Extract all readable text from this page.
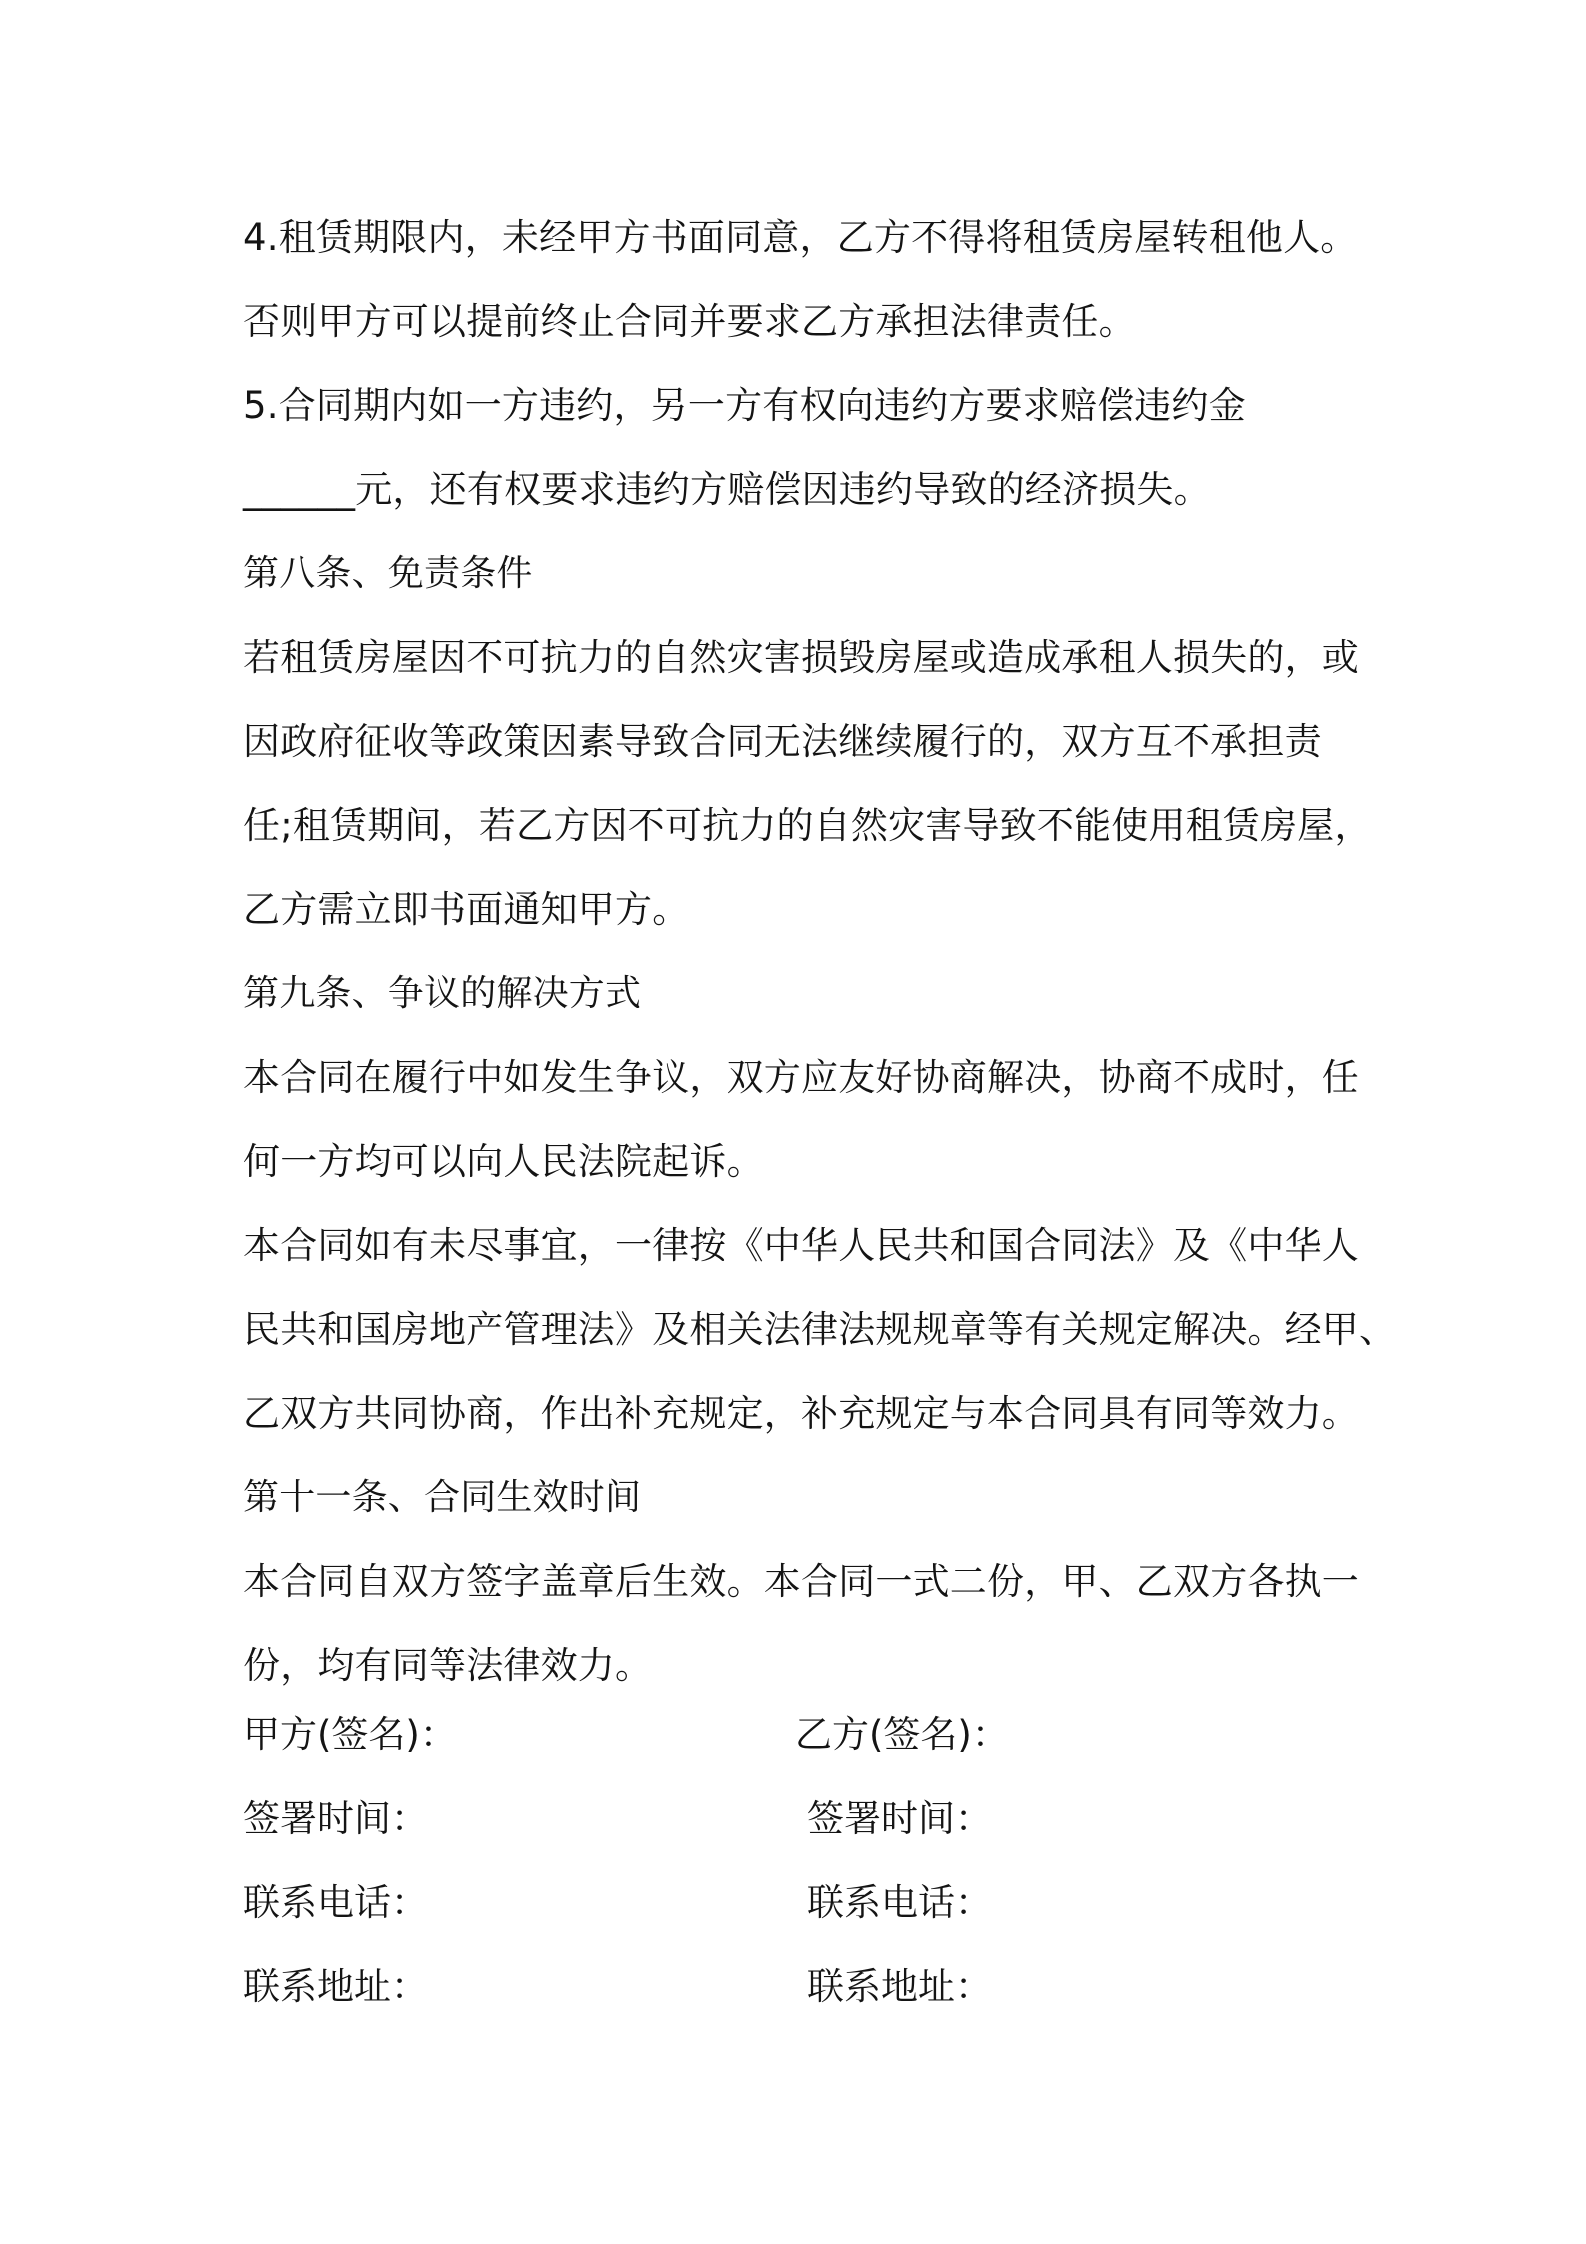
4.租赁期限内，未经甲方书面同意，乙方不得将租赁房屋转租他人。
否则甲方可以提前终止合同并要求乙方承担法律责任。
5.合同期内如一方违约，另一方有权向违约方要求赔偿违约金
______元，还有权要求违约方赔偿因违约导致的经济损失。
第八条、免责条件
若租赁房屋因不可抗力的自然灾害损毁房屋或造成承租人损失的，或
因政府征收等政策因素导致合同无法继续履行的，双方互不承担责
任;租赁期间，若乙方因不可抗力的自然灾害导致不能使用租赁房屋，
乙方需立即书面通知甲方。
第九条、争议的解决方式
本合同在履行中如发生争议，双方应友好协商解决，协商不成时，任
何一方均可以向人民法院起诉。
本合同如有未尽事宜，一律按《中华人民共和国合同法》及《中华人
民共和国房地产管理法》及相关法律法规规章等有关规定解决。经甲、
乙双方共同协商，作出补充规定，补充规定与本合同具有同等效力。
第十一条、合同生效时间
本合同自双方签字盖章后生效。本合同一式二份，甲、乙双方各执一
份，均有同等法律效力。
甲方(签名)：	乙方(签名)：
签署时间：	签署时间：
联系电话：	联系电话：
联系地址：	联系地址：
